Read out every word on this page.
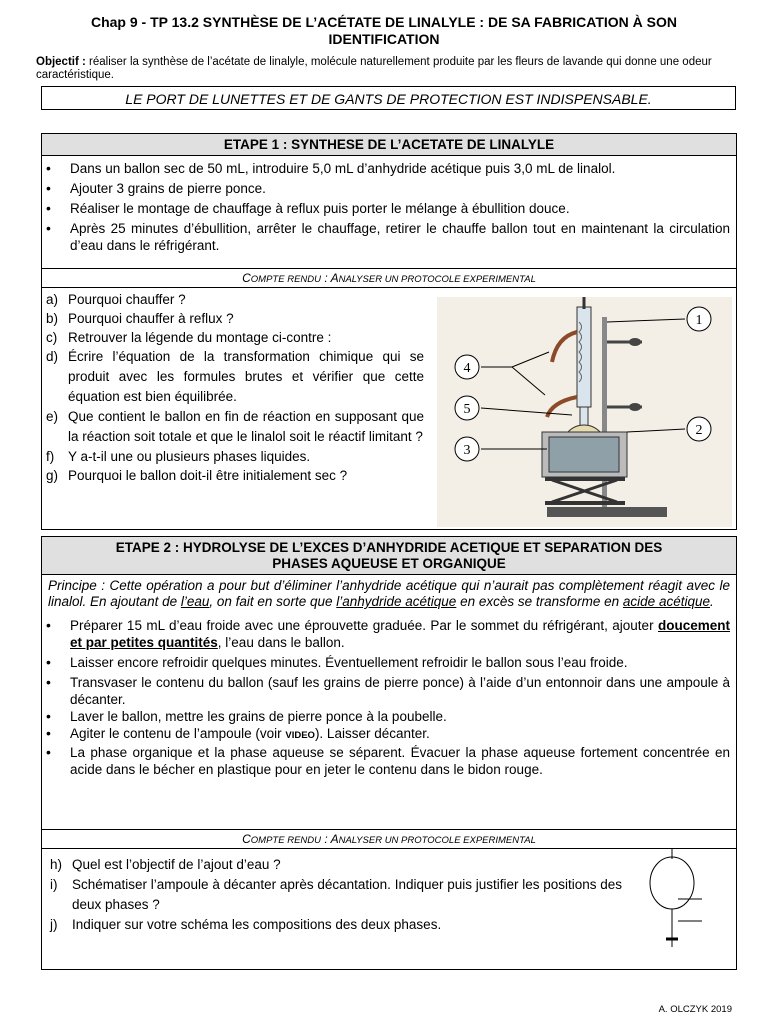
Chap 9 - TP 13.2 SYNTHÈSE DE L’ACÉTATE DE LINALYLE : DE SA FABRICATION À SON
IDENTIFICATION
Objectif : réaliser la synthèse de l’acétate de linalyle, molécule naturellement produite par les fleurs de lavande qui donne une odeur caractéristique.
LE PORT DE LUNETTES ET DE GANTS DE PROTECTION EST INDISPENSABLE.
ETAPE 1 : SYNTHESE DE L’ACETATE DE LINALYLE
• Dans un ballon sec de 50 mL, introduire 5,0 mL d’anhydride acétique puis 3,0 mL de linalol.
• Ajouter 3 grains de pierre ponce.
• Réaliser le montage de chauffage à reflux puis porter le mélange à ébullition douce.
• Après 25 minutes d’ébullition, arrêter le chauffage, retirer le chauffe ballon tout en maintenant la circulation d’eau dans le réfrigérant.
COMPTE RENDU : ANALYSER UN PROTOCOLE EXPERIMENTAL
a) Pourquoi chauffer ?
b) Pourquoi chauffer à reflux ?
c) Retrouver la légende du montage ci-contre :
d) Écrire l’équation de la transformation chimique qui se produit avec les formules brutes et vérifier que cette équation est bien équilibrée.
e) Que contient le ballon en fin de réaction en supposant que la réaction soit totale et que le linalol soit le réactif limitant ?
f) Y a-t-il une ou plusieurs phases liquides.
g) Pourquoi le ballon doit-il être initialement sec ?
1
2
3
4
5
ETAPE 2 : HYDROLYSE DE L’EXCES D’ANHYDRIDE ACETIQUE ET SEPARATION DES
PHASES AQUEUSE ET ORGANIQUE
Principe : Cette opération a pour but d’éliminer l’anhydride acétique qui n’aurait pas complètement réagit avec le linalol. En ajoutant de l’eau, on fait en sorte que l’anhydride acétique en excès se transforme en acide acétique.
• Préparer 15 mL d’eau froide avec une éprouvette graduée. Par le sommet du réfrigérant, ajouter doucement et par petites quantités, l’eau dans le ballon.
• Laisser encore refroidir quelques minutes. Éventuellement refroidir le ballon sous l’eau froide.
• Transvaser le contenu du ballon (sauf les grains de pierre ponce) à l’aide d’un entonnoir dans une ampoule à décanter.
• Laver le ballon, mettre les grains de pierre ponce à la poubelle.
• Agiter le contenu de l’ampoule (voir VIDEO). Laisser décanter.
• La phase organique et la phase aqueuse se séparent. Évacuer la phase aqueuse fortement concentrée en acide dans le bécher en plastique pour en jeter le contenu dans le bidon rouge.
COMPTE RENDU : ANALYSER UN PROTOCOLE EXPERIMENTAL
h) Quel est l’objectif de l’ajout d’eau ?
i) Schématiser l’ampoule à décanter après décantation. Indiquer puis justifier les positions des deux phases ?
j) Indiquer sur votre schéma les compositions des deux phases.
A. OLCZYK 2019
